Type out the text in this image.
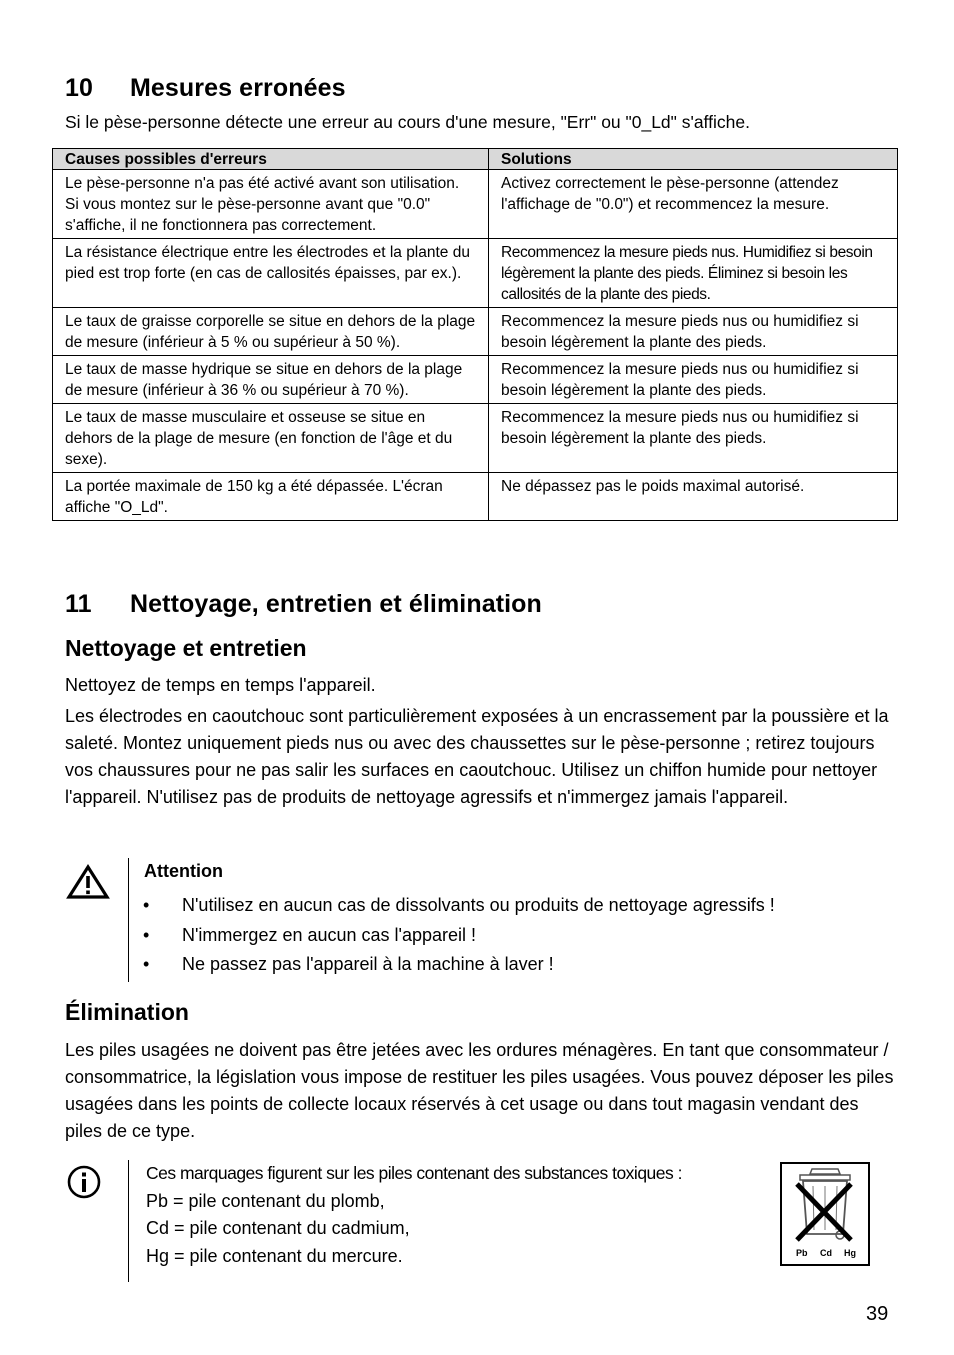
10 Mesures erronées

Si le pèse-personne détecte une erreur au cours d'une mesure, "Err" ou "0_Ld" s'affiche.

Causes possibles d'erreurs	Solutions
Le pèse-personne n'a pas été activé avant son utilisation. Si vous montez sur le pèse-personne avant que "0.0" s'affiche, il ne fonctionnera pas correctement.	Activez correctement le pèse-personne (attendez l'affichage de "0.0") et recommencez la mesure.
La résistance électrique entre les électrodes et la plante du pied est trop forte (en cas de callosités épaisses, par ex.).	Recommencez la mesure pieds nus. Humidifiez si besoin légèrement la plante des pieds. Éliminez si besoin les callosités de la plante des pieds.
Le taux de graisse corporelle se situe en dehors de la plage de mesure (inférieur à 5 % ou supérieur à 50 %).	Recommencez la mesure pieds nus ou humidifiez si besoin légèrement la plante des pieds.
Le taux de masse hydrique se situe en dehors de la plage de mesure (inférieur à 36 % ou supérieur à 70 %).	Recommencez la mesure pieds nus ou humidifiez si besoin légèrement la plante des pieds.
Le taux de masse musculaire et osseuse se situe en dehors de la plage de mesure (en fonction de l'âge et du sexe).	Recommencez la mesure pieds nus ou humidifiez si besoin légèrement la plante des pieds.
La portée maximale de 150 kg a été dépassée. L'écran affiche "O_Ld".	Ne dépassez pas le poids maximal autorisé.
11 Nettoyage, entretien et élimination
Nettoyage et entretien

Nettoyez de temps en temps l'appareil.

Les électrodes en caoutchouc sont particulièrement exposées à un encrassement par la poussière et la saleté. Montez uniquement pieds nus ou avec des chaussettes sur le pèse-personne ; retirez toujours vos chaussures pour ne pas salir les surfaces en caoutchouc. Utilisez un chiffon humide pour nettoyer l'appareil. N'utilisez pas de produits de nettoyage agressifs et n'immergez jamais l'appareil.

Attention

• N'utilisez en aucun cas de dissolvants ou produits de nettoyage agressifs !
• N'immergez en aucun cas l'appareil !
• Ne passez pas l'appareil à la machine à laver !
Élimination

Les piles usagées ne doivent pas être jetées avec les ordures ménagères. En tant que consommateur / consommatrice, la législation vous impose de restituer les piles usagées. Vous pouvez déposer les piles usagées dans les points de collecte locaux réservés à cet usage ou dans tout magasin vendant des piles de ce type.

Ces marquages figurent sur les piles contenant des substances toxiques :
Pb = pile contenant du plomb,
Cd = pile contenant du cadmium,
Hg = pile contenant du mercure.	Pb Cd Hg
39
